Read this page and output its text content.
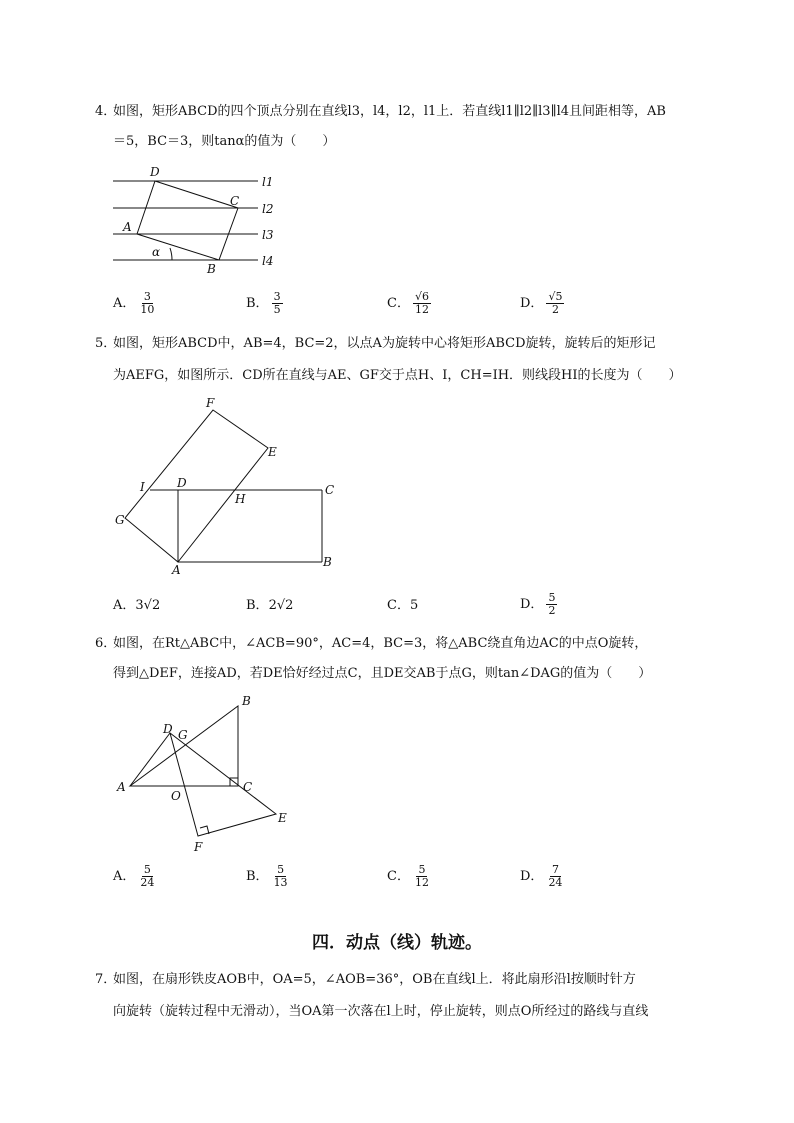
4．
如图，矩形ABCD的四个顶点分别在直线l3，l4，l2，l1上．若直线l1∥l2∥l3∥l4且间距相等，AB
＝5，BC＝3，则tanα的值为（　　）
D
C
A
B
α
l1
l2
l3
l4
A． $\frac{3}{10}$	B． $\frac{3}{5}$	C． $\frac{√6}{12}$	D． $\frac{√5}{2}$
5．
如图，矩形ABCD中，AB=4，BC=2，以点A为旋转中心将矩形ABCD旋转，旋转后的矩形记
为AEFG，如图所示．CD所在直线与AE、GF交于点H、I，CH=IH．则线段HI的长度为（　　）
F
E
I	D
H
C
G
A
B
A．3√2	B．2√2	C．5	D． $\frac{5}{2}$
6．
如图，在Rt△ABC中，∠ACB=90°，AC=4，BC=3，将△ABC绕直角边AC的中点O旋转，
得到△DEF，连接AD，若DE恰好经过点C，且DE交AB于点G，则tan∠DAG的值为（　　）
D G
B
A
O
C
E
F
A． $\frac{5}{24}$	B． $\frac{5}{13}$	C． $\frac{5}{12}$	D． $\frac{7}{24}$
四．动点（线）轨迹。
7．
如图，在扇形铁皮AOB中，OA=5，∠AOB=36°，OB在直线l上．将此扇形沿l按顺时针方
向旋转（旋转过程中无滑动），当OA第一次落在l上时，停止旋转，则点O所经过的路线与直线
